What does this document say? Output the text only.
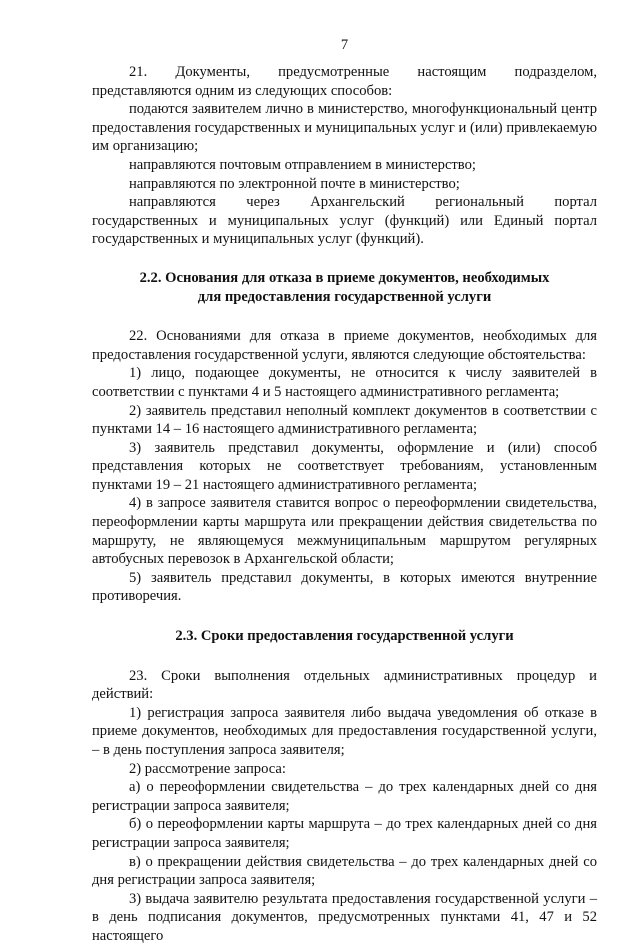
7

21. Документы, предусмотренные настоящим подразделом, представляются одним из следующих способов:

подаются заявителем лично в министерство, многофункциональный центр предоставления государственных и муниципальных услуг и (или) привлекаемую им организацию;

направляются почтовым отправлением в министерство;

направляются по электронной почте в министерство;

направляются через Архангельский региональный портал государственных и муниципальных услуг (функций) или Единый портал государственных и муниципальных услуг (функций).

2.2. Основания для отказа в приеме документов, необходимых
для предоставления государственной услуги

22. Основаниями для отказа в приеме документов, необходимых для предоставления государственной услуги, являются следующие обстоятельства:

1) лицо, подающее документы, не относится к числу заявителей в соответствии с пунктами 4 и 5 настоящего административного регламента;

2) заявитель представил неполный комплект документов в соответствии с пунктами 14 – 16 настоящего административного регламента;

3) заявитель представил документы, оформление и (или) способ представления которых не соответствует требованиям, установленным пунктами 19 – 21 настоящего административного регламента;

4) в запросе заявителя ставится вопрос о переоформлении свидетельства, переоформлении карты маршрута или прекращении действия свидетельства по маршруту, не являющемуся межмуниципальным маршрутом регулярных автобусных перевозок в Архангельской области;

5) заявитель представил документы, в которых имеются внутренние противоречия.

2.3. Сроки предоставления государственной услуги

23. Сроки выполнения отдельных административных процедур и действий:

1) регистрация запроса заявителя либо выдача уведомления об отказе в приеме документов, необходимых для предоставления государственной услуги, – в день поступления запроса заявителя;

2) рассмотрение запроса:

а) о переоформлении свидетельства – до трех календарных дней со дня регистрации запроса заявителя;

б) о переоформлении карты маршрута – до трех календарных дней со дня регистрации запроса заявителя;

в) о прекращении действия свидетельства – до трех календарных дней со дня регистрации запроса заявителя;

3) выдача заявителю результата предоставления государственной услуги – в день подписания документов, предусмотренных пунктами 41, 47 и 52 настоящего
